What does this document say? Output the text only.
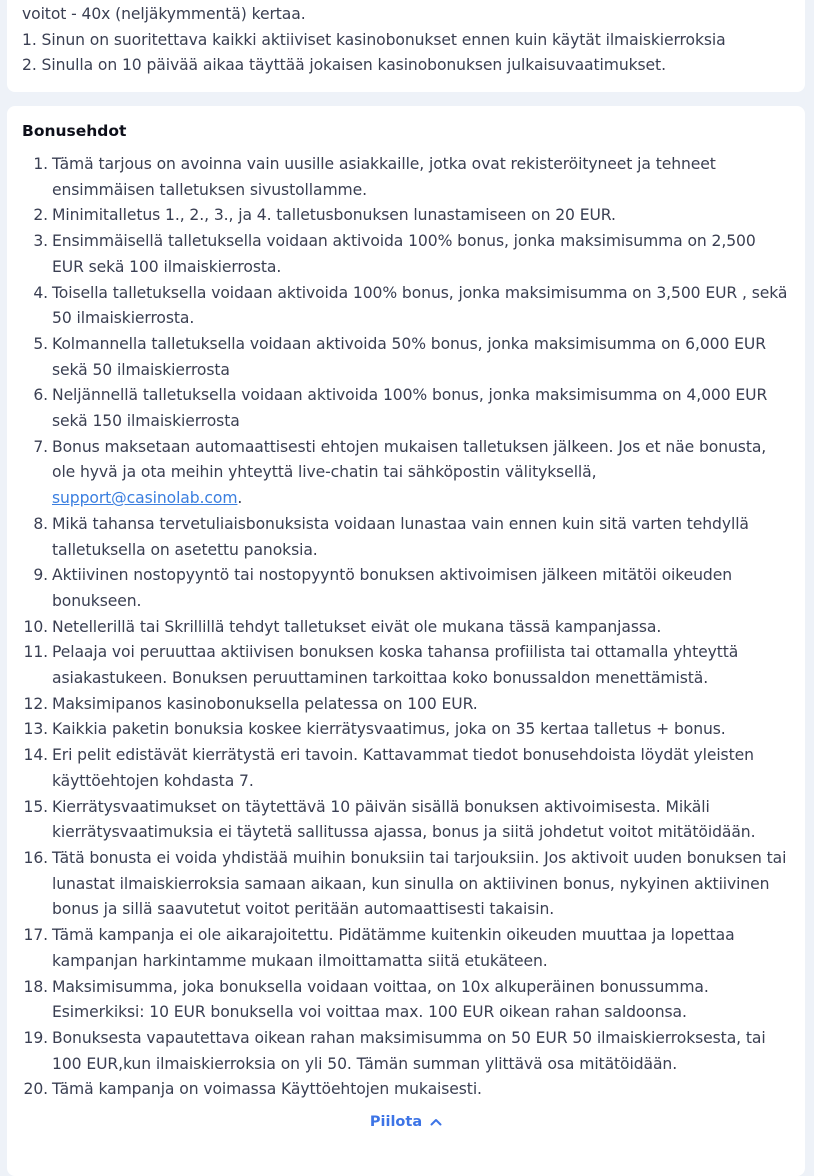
voitot - 40x (neljäkymmentä) kertaa.
1. Sinun on suoritettava kaikki aktiiviset kasinobonukset ennen kuin käytät ilmaiskierroksia
2. Sinulla on 10 päivää aikaa täyttää jokaisen kasinobonuksen julkaisuvaatimukset.
Bonusehdot
1. Tämä tarjous on avoinna vain uusille asiakkaille, jotka ovat rekisteröityneet ja tehneet ensimmäisen talletuksen sivustollamme.
2. Minimitalletus 1., 2., 3., ja 4. talletusbonuksen lunastamiseen on 20 EUR.
3. Ensimmäisellä talletuksella voidaan aktivoida 100% bonus, jonka maksimisumma on 2,500 EUR sekä 100 ilmaiskierrosta.
4. Toisella talletuksella voidaan aktivoida 100% bonus, jonka maksimisumma on 3,500 EUR , sekä 50 ilmaiskierrosta.
5. Kolmannella talletuksella voidaan aktivoida 50% bonus, jonka maksimisumma on 6,000 EUR sekä 50 ilmaiskierrosta
6. Neljännellä talletuksella voidaan aktivoida 100% bonus, jonka maksimisumma on 4,000 EUR sekä 150 ilmaiskierrosta
7. Bonus maksetaan automaattisesti ehtojen mukaisen talletuksen jälkeen. Jos et näe bonusta, ole hyvä ja ota meihin yhteyttä live-chatin tai sähköpostin välityksellä, support@casinolab.com.
8. Mikä tahansa tervetuliaisbonuksista voidaan lunastaa vain ennen kuin sitä varten tehdyllä talletuksella on asetettu panoksia.
9. Aktiivinen nostopyyntö tai nostopyyntö bonuksen aktivoimisen jälkeen mitätöi oikeuden bonukseen.
10. Netellerillä tai Skrillillä tehdyt talletukset eivät ole mukana tässä kampanjassa.
11. Pelaaja voi peruuttaa aktiivisen bonuksen koska tahansa profiilista tai ottamalla yhteyttä asiakastukeen. Bonuksen peruuttaminen tarkoittaa koko bonussaldon menettämistä.
12. Maksimipanos kasinobonuksella pelatessa on 100 EUR.
13. Kaikkia paketin bonuksia koskee kierrätysvaatimus, joka on 35 kertaa talletus + bonus.
14. Eri pelit edistävät kierrätystä eri tavoin. Kattavammat tiedot bonusehdoista löydät yleisten käyttöehtojen kohdasta 7.
15. Kierrätysvaatimukset on täytettävä 10 päivän sisällä bonuksen aktivoimisesta. Mikäli kierrätysvaatimuksia ei täytetä sallitussa ajassa, bonus ja siitä johdetut voitot mitätöidään.
16. Tätä bonusta ei voida yhdistää muihin bonuksiin tai tarjouksiin. Jos aktivoit uuden bonuksen tai lunastat ilmaiskierroksia samaan aikaan, kun sinulla on aktiivinen bonus, nykyinen aktiivinen bonus ja sillä saavutetut voitot peritään automaattisesti takaisin.
17. Tämä kampanja ei ole aikarajoitettu. Pidätämme kuitenkin oikeuden muuttaa ja lopettaa kampanjan harkintamme mukaan ilmoittamatta siitä etukäteen.
18. Maksimisumma, joka bonuksella voidaan voittaa, on 10x alkuperäinen bonussumma. Esimerkiksi: 10 EUR bonuksella voi voittaa max. 100 EUR oikean rahan saldoonsa.
19. Bonuksesta vapautettava oikean rahan maksimisumma on 50 EUR 50 ilmaiskierroksesta, tai 100 EUR,kun ilmaiskierroksia on yli 50. Tämän summan ylittävä osa mitätöidään.
20. Tämä kampanja on voimassa Käyttöehtojen mukaisesti.
Piilota
